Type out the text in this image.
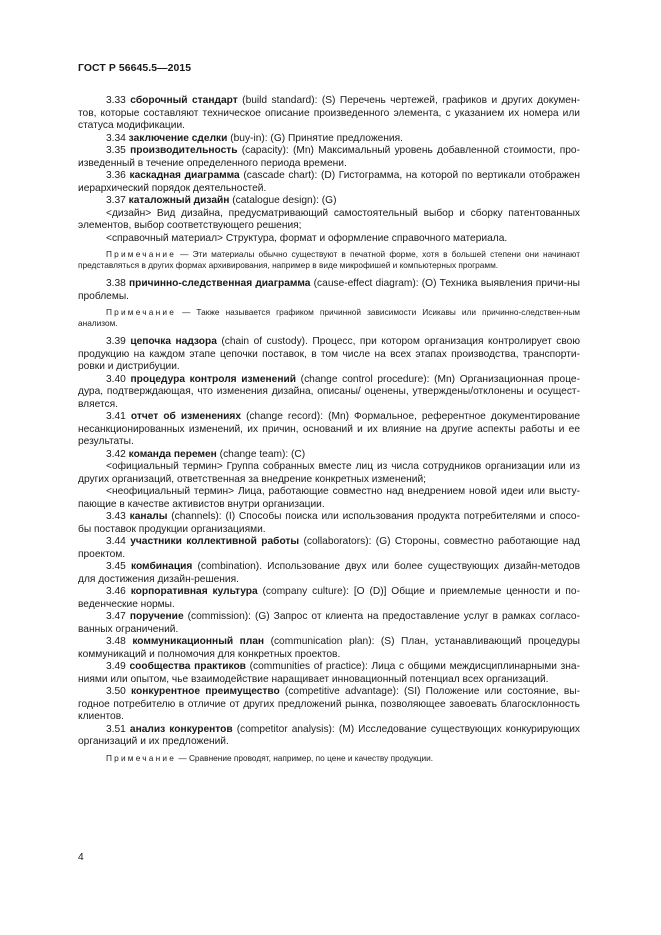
ГОСТ Р 56645.5—2015

3.33 сборочный стандарт (build standard): (S) Перечень чертежей, графиков и других докумен-тов, которые составляют техническое описание произведенного элемента, с указанием их номера или статуса модификации.

3.34 заключение сделки (buy-in): (G) Принятие предложения.

3.35 производительность (capacity): (Mn) Максимальный уровень добавленной стоимости, про-изведенный в течение определенного периода времени.

3.36 каскадная диаграмма (cascade chart): (D) Гистограмма, на которой по вертикали отображен иерархический порядок деятельностей.

3.37 каталожный дизайн (catalogue design): (G)

<дизайн> Вид дизайна, предусматривающий самостоятельный выбор и сборку патентованных элементов, выбор соответствующего решения;

<справочный материал> Структура, формат и оформление справочного материала.

Примечание — Эти материалы обычно существуют в печатной форме, хотя в большей степени они начинают представляться в других формах архивирования, например в виде микрофишей и компьютерных программ.

3.38 причинно-следственная диаграмма (cause-effect diagram): (O) Техника выявления причи-ны проблемы.

Примечание — Также называется графиком причинной зависимости Исикавы или причинно-следствен-ным анализом.

3.39 цепочка надзора (chain of custody). Процесс, при котором организация контролирует свою продукцию на каждом этапе цепочки поставок, в том числе на всех этапах производства, транспорти-ровки и дистрибуции.

3.40 процедура контроля изменений (change control procedure): (Mn) Организационная проце-дура, подтверждающая, что изменения дизайна, описаны/ оценены, утверждены/отклонены и осущест-вляется.

3.41 отчет об изменениях (change record): (Mn) Формальное, референтное документирование несанкционированных изменений, их причин, оснований и их влияние на другие аспекты работы и ее результаты.

3.42 команда перемен (change team): (C)

<официальный термин> Группа собранных вместе лиц из числа сотрудников организации или из других организаций, ответственная за внедрение конкретных изменений;

<неофициальный термин> Лица, работающие совместно над внедрением новой идеи или высту-пающие в качестве активистов внутри организации.

3.43 каналы (channels): (I) Способы поиска или использования продукта потребителями и спосо-бы поставок продукции организациями.

3.44 участники коллективной работы (collaborators): (G) Стороны, совместно работающие над проектом.

3.45 комбинация (combination). Использование двух или более существующих дизайн-методов для достижения дизайн-решения.

3.46 корпоративная культура (company culture): [O (D)] Общие и приемлемые ценности и по-веденческие нормы.

3.47 поручение (commission): (G) Запрос от клиента на предоставление услуг в рамках согласо-ванных ограничений.

3.48 коммуникационный план (communication plan): (S) План, устанавливающий процедуры коммуникаций и полномочия для конкретных проектов.

3.49 сообщества практиков (communities of practice): Лица с общими междисциплинарными зна-ниями или опытом, чье взаимодействие наращивает инновационный потенциал всех организаций.

3.50 конкурентное преимущество (competitive advantage): (SI) Положение или состояние, вы-годное потребителю в отличие от других предложений рынка, позволяющее завоевать благосклонность клиентов.

3.51 анализ конкурентов (competitor analysis): (M) Исследование существующих конкурирующих организаций и их предложений.

Примечание — Сравнение проводят, например, по цене и качеству продукции.

4
